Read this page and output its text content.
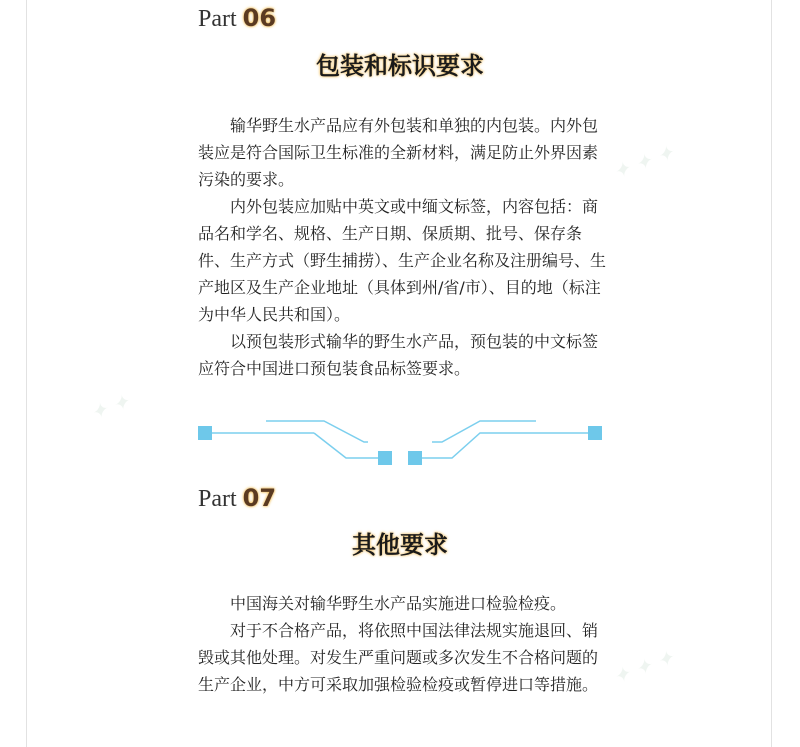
✦ ✦ ✦
✦ ✦
✦ ✦ ✦
Part 06
包装和标识要求

输华野生水产品应有外包装和单独的内包装。内外包装应是符合国际卫生标准的全新材料，满足防止外界因素污染的要求。

内外包装应加贴中英文或中缅文标签，内容包括：商品名和学名、规格、生产日期、保质期、批号、保存条件、生产方式（野生捕捞）、生产企业名称及注册编号、生产地区及生产企业地址（具体到州/省/市）、目的地（标注为中华人民共和国）。

以预包装形式输华的野生水产品，预包装的中文标签应符合中国进口预包装食品标签要求。

Part 07
其他要求

中国海关对输华野生水产品实施进口检验检疫。

对于不合格产品，将依照中国法律法规实施退回、销毁或其他处理。对发生严重问题或多次发生不合格问题的生产企业，中方可采取加强检验检疫或暂停进口等措施。
